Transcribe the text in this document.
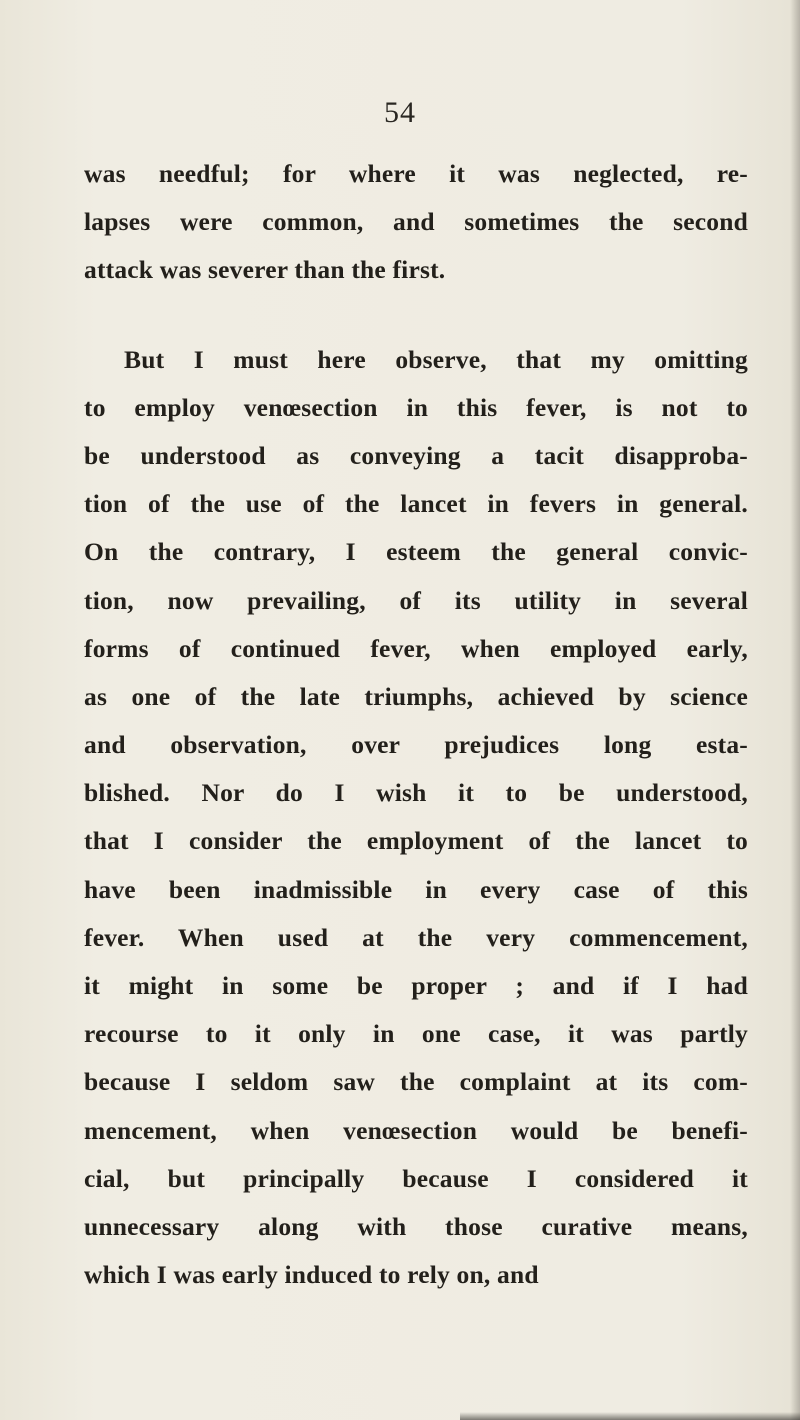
54

was needful; for where it was neglected, re-
lapses were common, and sometimes the second
attack was severer than the first.

But I must here observe, that my omitting
to employ venœsection in this fever, is not to
be understood as conveying a tacit disapproba-
tion of the use of the lancet in fevers in general.
On the contrary, I esteem the general convic-
tion, now prevailing, of its utility in several
forms of continued fever, when employed early,
as one of the late triumphs, achieved by science
and observation, over prejudices long esta-
blished. Nor do I wish it to be understood,
that I consider the employment of the lancet to
have been inadmissible in every case of this
fever. When used at the very commencement,
it might in some be proper ; and if I had
recourse to it only in one case, it was partly
because I seldom saw the complaint at its com-
mencement, when venœsection would be benefi-
cial, but principally because I considered it
unnecessary along with those curative means,
which I was early induced to rely on, and
